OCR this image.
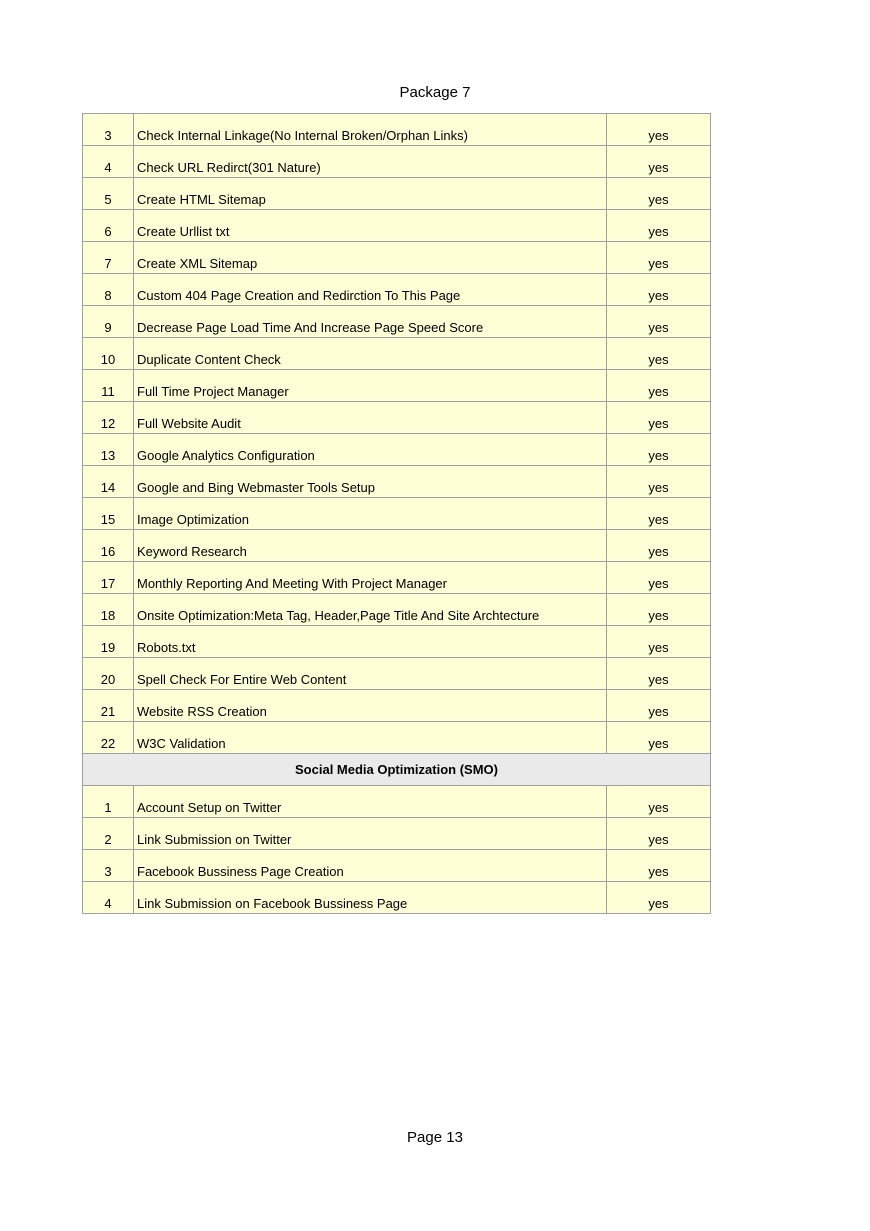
Package 7
3	Check Internal Linkage(No Internal Broken/Orphan Links)	yes
4	Check URL Redirct(301 Nature)	yes
5	Create HTML Sitemap	yes
6	Create Urllist txt	yes
7	Create XML Sitemap	yes
8	Custom 404 Page Creation and Redirction To This Page	yes
9	Decrease Page Load Time And Increase Page Speed Score	yes
10	Duplicate Content Check	yes
11	Full Time Project Manager	yes
12	Full Website Audit	yes
13	Google Analytics Configuration	yes
14	Google and Bing Webmaster Tools Setup	yes
15	Image Optimization	yes
16	Keyword Research	yes
17	Monthly Reporting And Meeting With Project Manager	yes
18	Onsite Optimization:Meta Tag, Header,Page Title And Site Archtecture	yes
19	Robots.txt	yes
20	Spell Check For Entire Web Content	yes
21	Website RSS Creation	yes
22	W3C Validation	yes
Social Media Optimization (SMO)		
1	Account Setup on Twitter	yes
2	Link Submission on Twitter	yes
3	Facebook Bussiness Page Creation	yes
4	Link Submission on Facebook Bussiness Page	yes
Page 13
